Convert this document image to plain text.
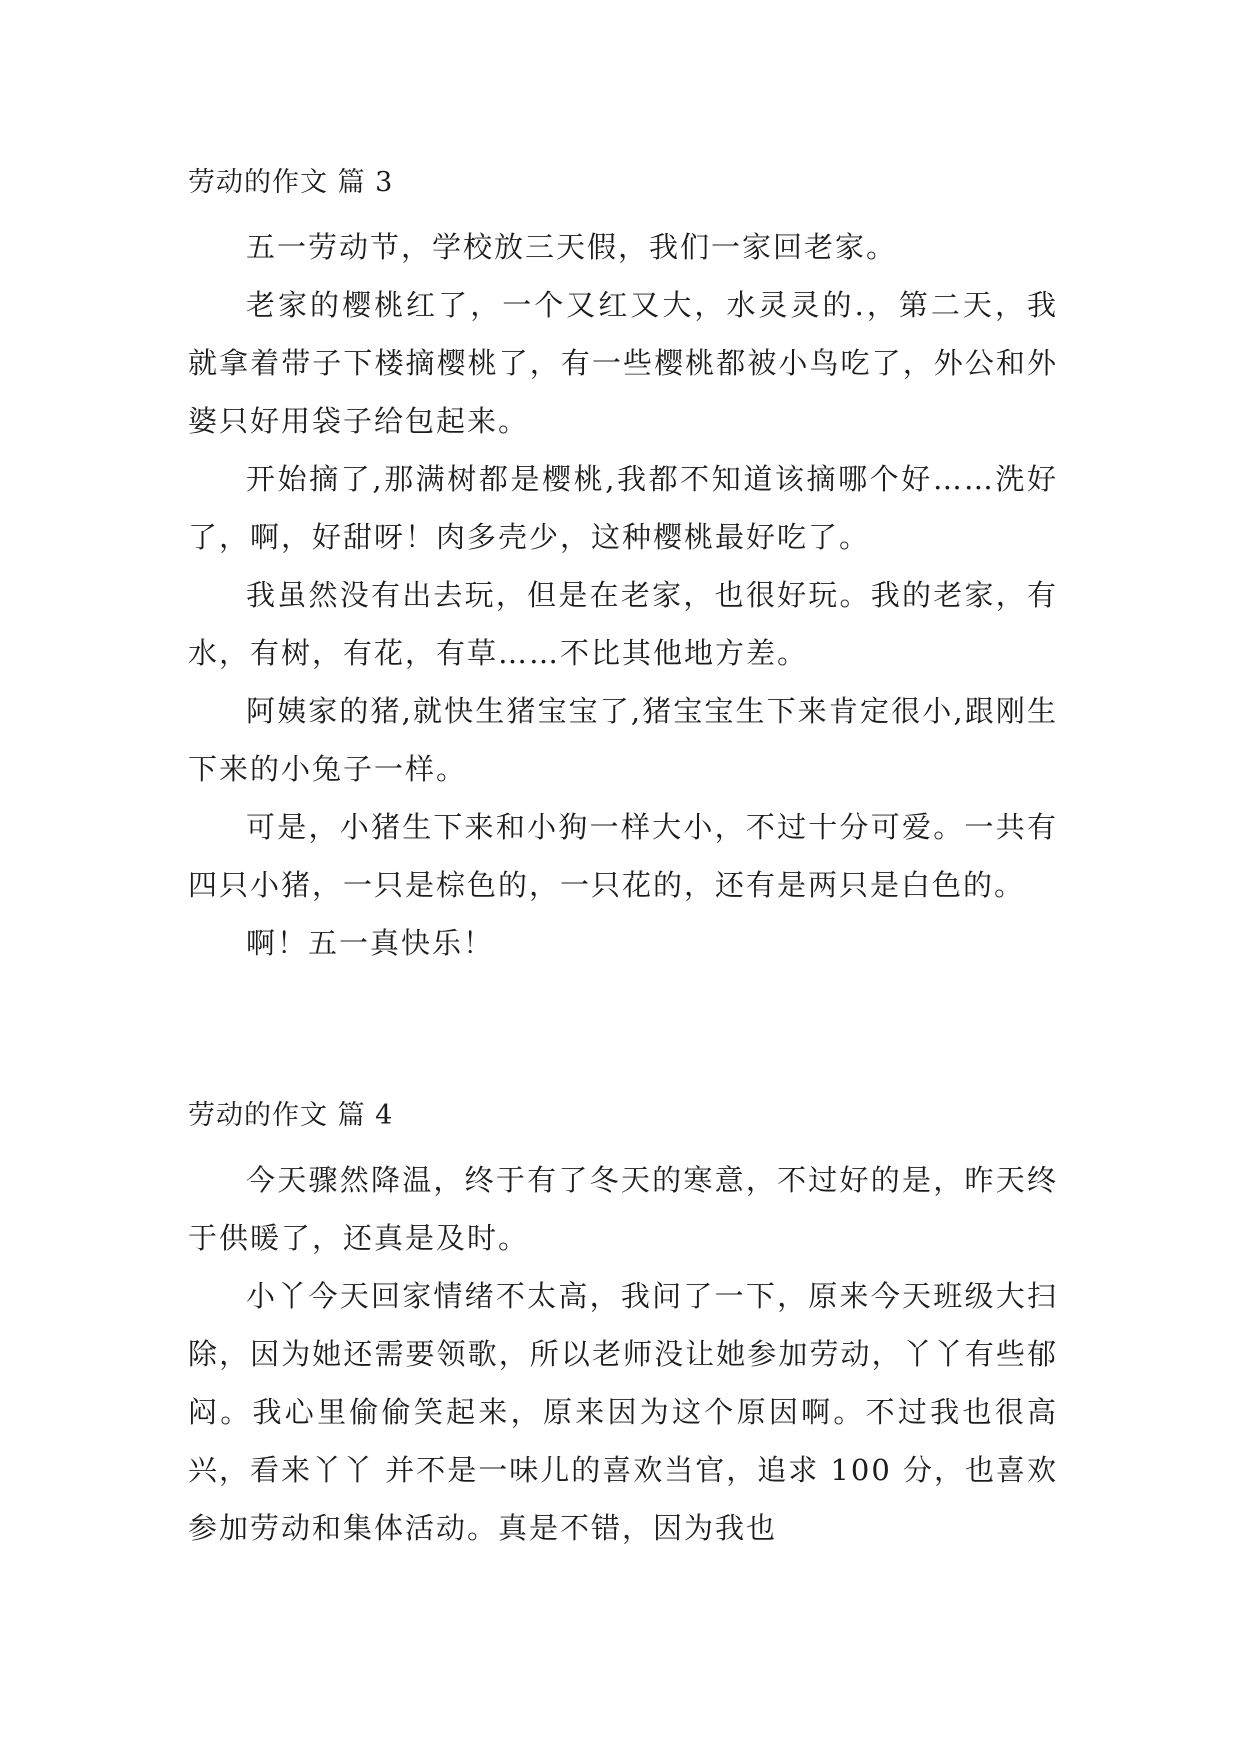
劳动的作文 篇 3

五一劳动节，学校放三天假，我们一家回老家。

老家的樱桃红了，一个又红又大，水灵灵的.，第二天，我就拿着带子下楼摘樱桃了，有一些樱桃都被小鸟吃了，外公和外婆只好用袋子给包起来。

开始摘了,那满树都是樱桃,我都不知道该摘哪个好……洗好了，啊，好甜呀！肉多壳少，这种樱桃最好吃了。

我虽然没有出去玩，但是在老家，也很好玩。我的老家，有水，有树，有花，有草……不比其他地方差。

阿姨家的猪,就快生猪宝宝了,猪宝宝生下来肯定很小,跟刚生下来的小兔子一样。

可是，小猪生下来和小狗一样大小，不过十分可爱。一共有四只小猪，一只是棕色的，一只花的，还有是两只是白色的。

啊！五一真快乐！

劳动的作文 篇 4

今天骤然降温，终于有了冬天的寒意，不过好的是，昨天终于供暖了，还真是及时。

小丫今天回家情绪不太高，我问了一下，原来今天班级大扫除，因为她还需要领歌，所以老师没让她参加劳动，丫丫有些郁闷。我心里偷偷笑起来，原来因为这个原因啊。不过我也很高兴，看来丫丫 并不是一味儿的喜欢当官，追求 100 分，也喜欢参加劳动和集体活动。真是不错，因为我也
